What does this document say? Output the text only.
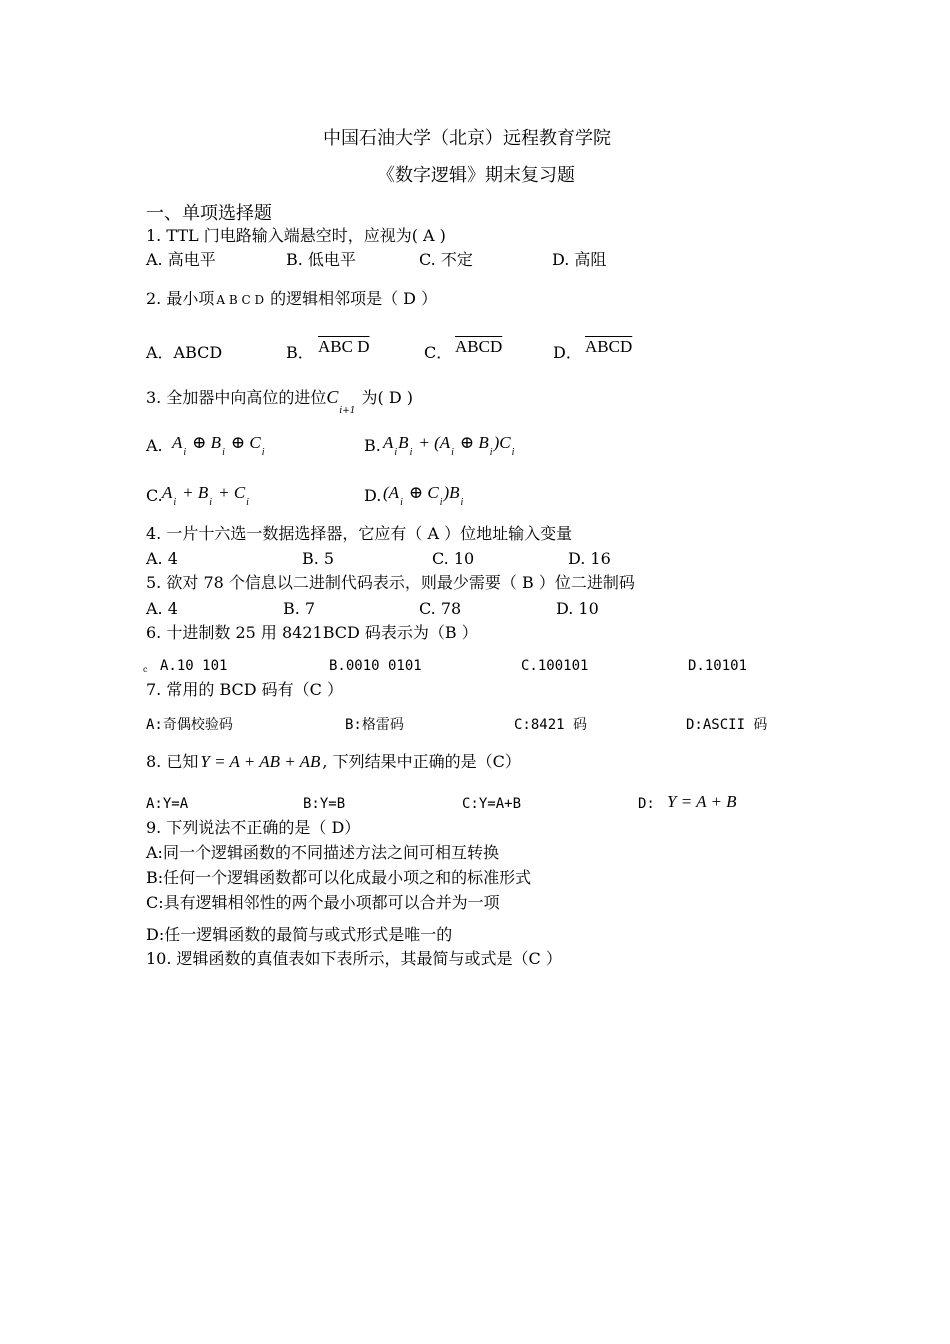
中国石油大学（北京）远程教育学院
《数字逻辑》期末复习题
一、单项选择题
1. TTL 门电路输入端悬空时，应视为( A )
A. 高电平	B. 低电平	C. 不定	D. 高阻
2. 最小项 A B C D 的逻辑相邻项是（ D ）
A．ABCD	B． ABC D	C． ABCD	D． ABCD
3. 全加器中向高位的进位$C_{i+1}$为( D )
A. $A_i\oplus$ $B_i\oplus$ $C_i$	B. $A_iB_i+$ ($A_i\oplus$ $B_i)C_i$
C. $A_i+ B_i+ C_i$	D. ($A_i\oplus$ $C_i)B_i$
4. 一片十六选一数据选择器，它应有（ A ）位地址输入变量
A. 4	B. 5	C. 10	D. 16
5. 欲对 78 个信息以二进制代码表示，则最少需要（ B ）位二进制码
A. 4	B. 7	C. 78	D. 10
6. 十进制数 25 用 8421BCD 码表示为（B ）
c A.10 101	B.0010 0101	C.100101	D.10101
7. 常用的 BCD 码有（C ）
A:奇偶校验码	B:格雷码	C:8421 码	D:ASCII 码
8. 已知 Y = A + AB + AB , 下列结果中正确的是（C）
A:Y=A	B:Y=B	C:Y=A+B	D: Y = A + B
9. 下列说法不正确的是（ D）
A:同一个逻辑函数的不同描述方法之间可相互转换
B:任何一个逻辑函数都可以化成最小项之和的标准形式
C:具有逻辑相邻性的两个最小项都可以合并为一项
D:任一逻辑函数的最简与或式形式是唯一的
10. 逻辑函数的真值表如下表所示，其最简与或式是（C ）
